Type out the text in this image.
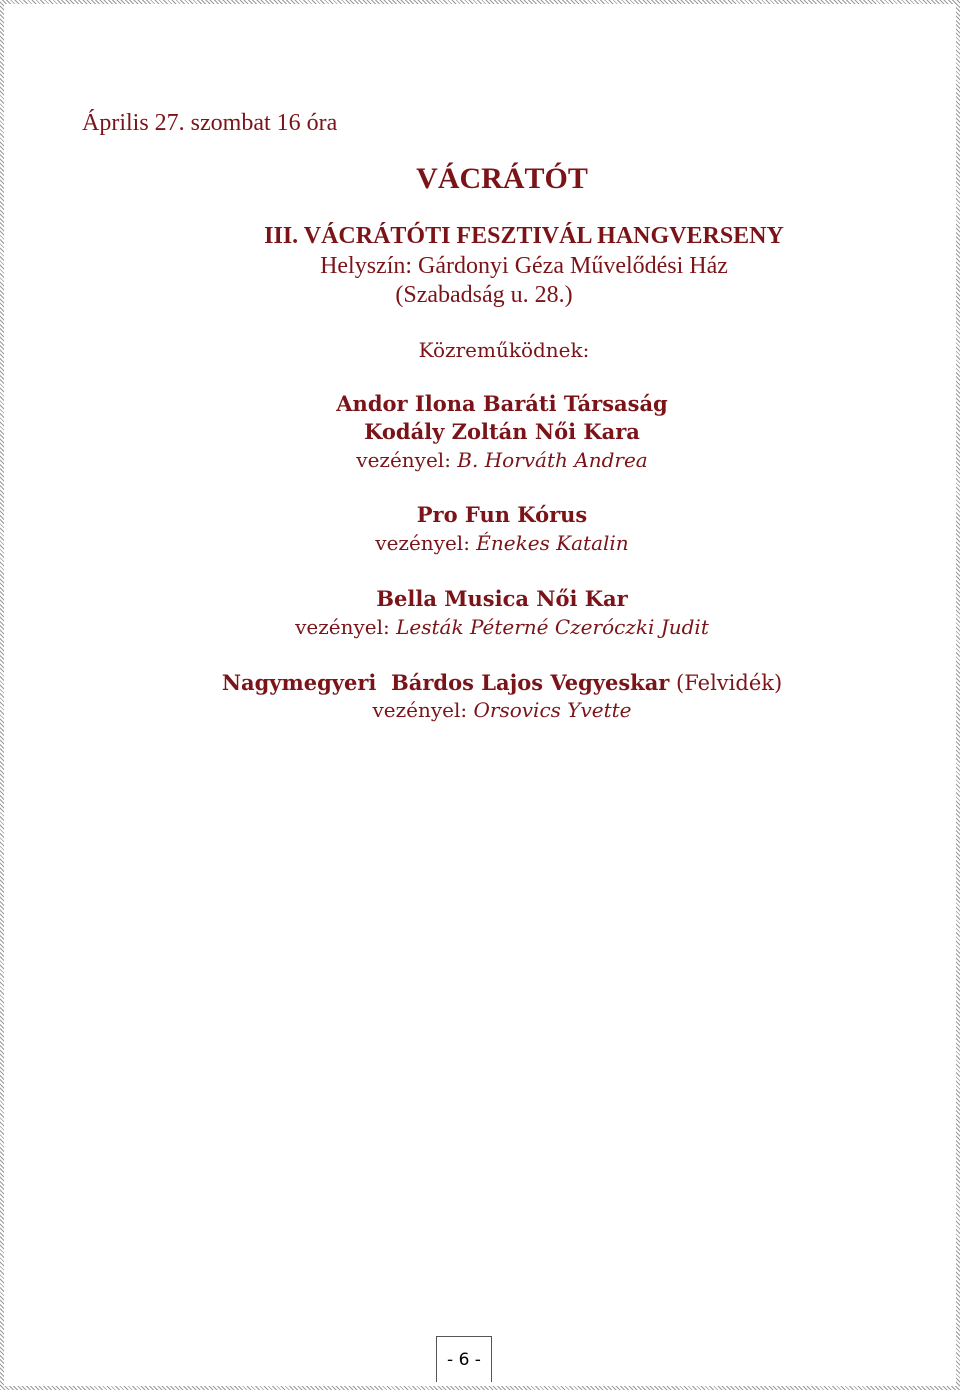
Április 27. szombat 16 óra
VÁCRÁTÓT
III. VÁCRÁTÓTI FESZTIVÁL HANGVERSENY
Helyszín: Gárdonyi Géza Művelődési Ház
(Szabadság u. 28.)
Közreműködnek:
Andor Ilona Baráti Társaság
Kodály Zoltán Női Kara
vezényel: B. Horváth Andrea
Pro Fun Kórus
vezényel: Énekes Katalin
Bella Musica Női Kar
vezényel: Lesták Péterné Czeróczki Judit
Nagymegyeri  Bárdos Lajos Vegyeskar (Felvidék)
vezényel: Orsovics Yvette
- 6 -
